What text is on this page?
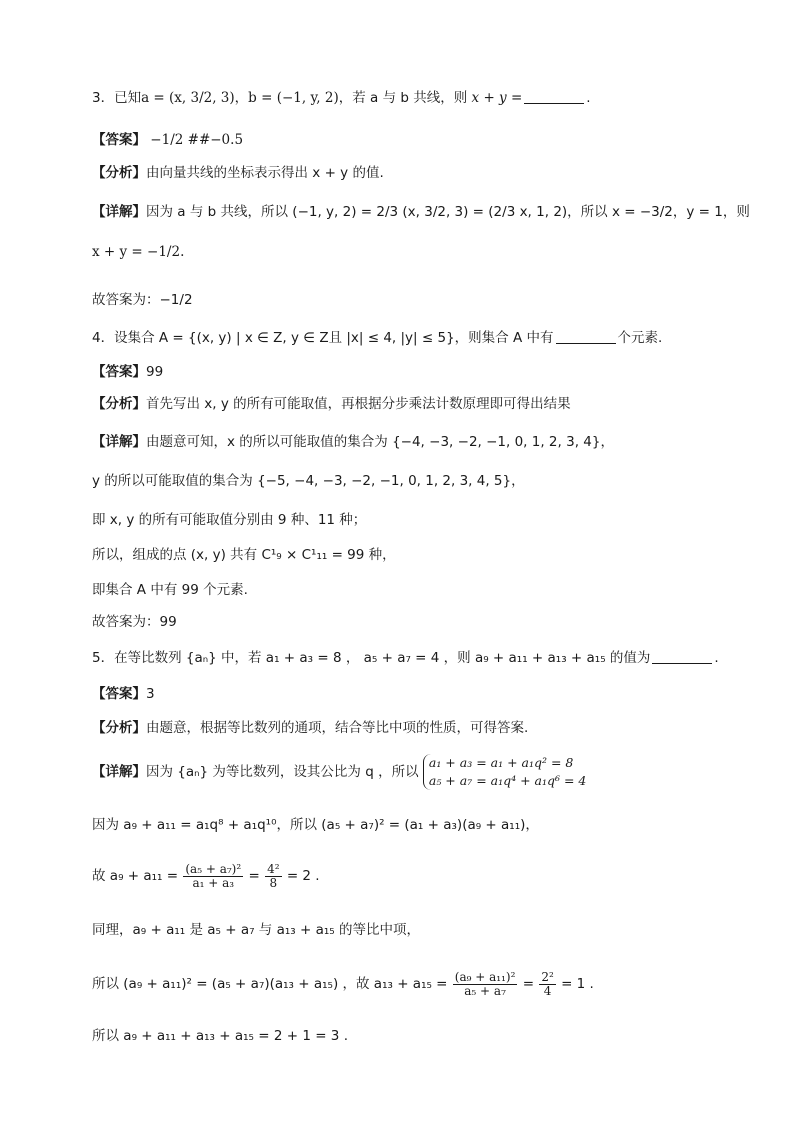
3．已知a = (x, 3/2, 3)，b = (−1, y, 2)，若 a 与 b 共线，则 x + y =	.
【答案】 −1/2 ##−0.5
【分析】由向量共线的坐标表示得出 x + y 的值.
【详解】因为 a 与 b 共线，所以 (−1, y, 2) = 2/3 (x, 3/2, 3) = (2/3 x, 1, 2)，所以 x = −3/2，y = 1，则
x + y = −1/2.
故答案为：−1/2
4．设集合 A = {(x, y) | x ∈ Z, y ∈ Z且 |x| ≤ 4, |y| ≤ 5}，则集合 A 中有	个元素.
【答案】99
【分析】首先写出 x, y 的所有可能取值，再根据分步乘法计数原理即可得出结果
【详解】由题意可知，x 的所以可能取值的集合为 {−4, −3, −2, −1, 0, 1, 2, 3, 4}，
y 的所以可能取值的集合为 {−5, −4, −3, −2, −1, 0, 1, 2, 3, 4, 5}，
即 x, y 的所有可能取值分别由 9 种、11 种；
所以，组成的点 (x, y) 共有 C¹₉ × C¹₁₁ = 99 种，
即集合 A 中有 99 个元素.
故答案为：99
5．在等比数列 {aₙ} 中，若 a₁ + a₃ = 8 ， a₅ + a₇ = 4 ，则 a₉ + a₁₁ + a₁₃ + a₁₅ 的值为	.
【答案】3
【分析】由题意，根据等比数列的通项，结合等比中项的性质，可得答案.
【详解】因为 {aₙ} 为等比数列，设其公比为 q ，所以
a₁ + a₃ = a₁ + a₁q² = 8
a₅ + a₇ = a₁q⁴ + a₁q⁶ = 4
因为 a₉ + a₁₁ = a₁q⁸ + a₁q¹⁰，所以 (a₅ + a₇)² = (a₁ + a₃)(a₉ + a₁₁)，
故 $a_9 + a_{11} = \frac{\text{(a₅ + a₇)²}}{\text{a₁ + a₃}} = \frac{\text{4²}}{8} = 2$ .
同理，a₉ + a₁₁ 是 a₅ + a₇ 与 a₁₃ + a₁₅ 的等比中项，
所以 (a₉ + a₁₁)² = (a₅ + a₇)(a₁₃ + a₁₅) ，故 $a_{13} + a_{15} = \frac{\text{(a₉ + a₁₁)²}}{\text{a₅ + a₇}} = \frac{\text{2²}}{4} = 1$ .
所以 a₉ + a₁₁ + a₁₃ + a₁₅ = 2 + 1 = 3 .
